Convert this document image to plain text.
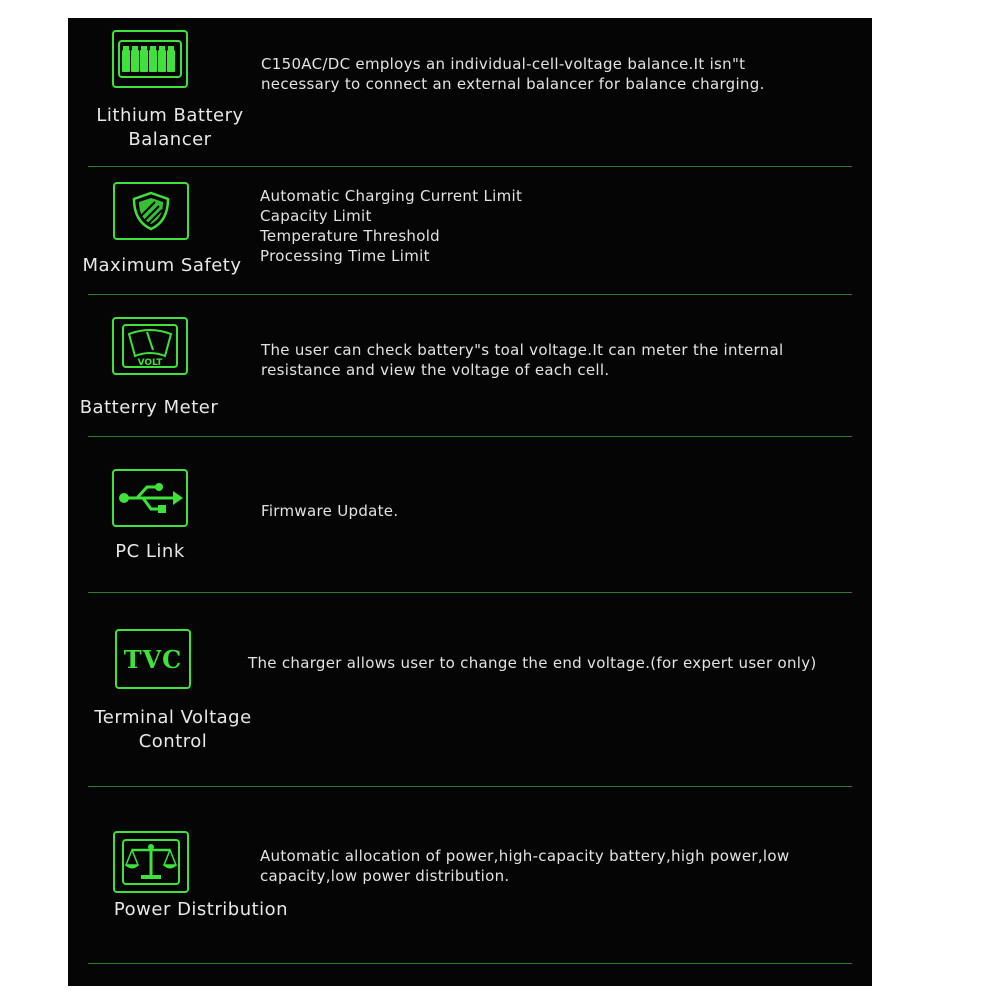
Lithium Battery
Balancer
C150AC/DC employs an individual-cell-voltage balance.It isn"t
necessary to connect an external balancer for balance charging.
Maximum Safety
Automatic Charging Current Limit
Capacity Limit
Temperature Threshold
Processing Time Limit
VOLT
Batterry Meter
The user can check battery"s toal voltage.It can meter the internal
resistance and view the voltage of each cell.
PC Link
Firmware Update.
TVC
Terminal Voltage
Control
The charger allows user to change the end voltage.(for expert user only)
Power Distribution
Automatic allocation of power,high-capacity battery,high power,low
capacity,low power distribution.
